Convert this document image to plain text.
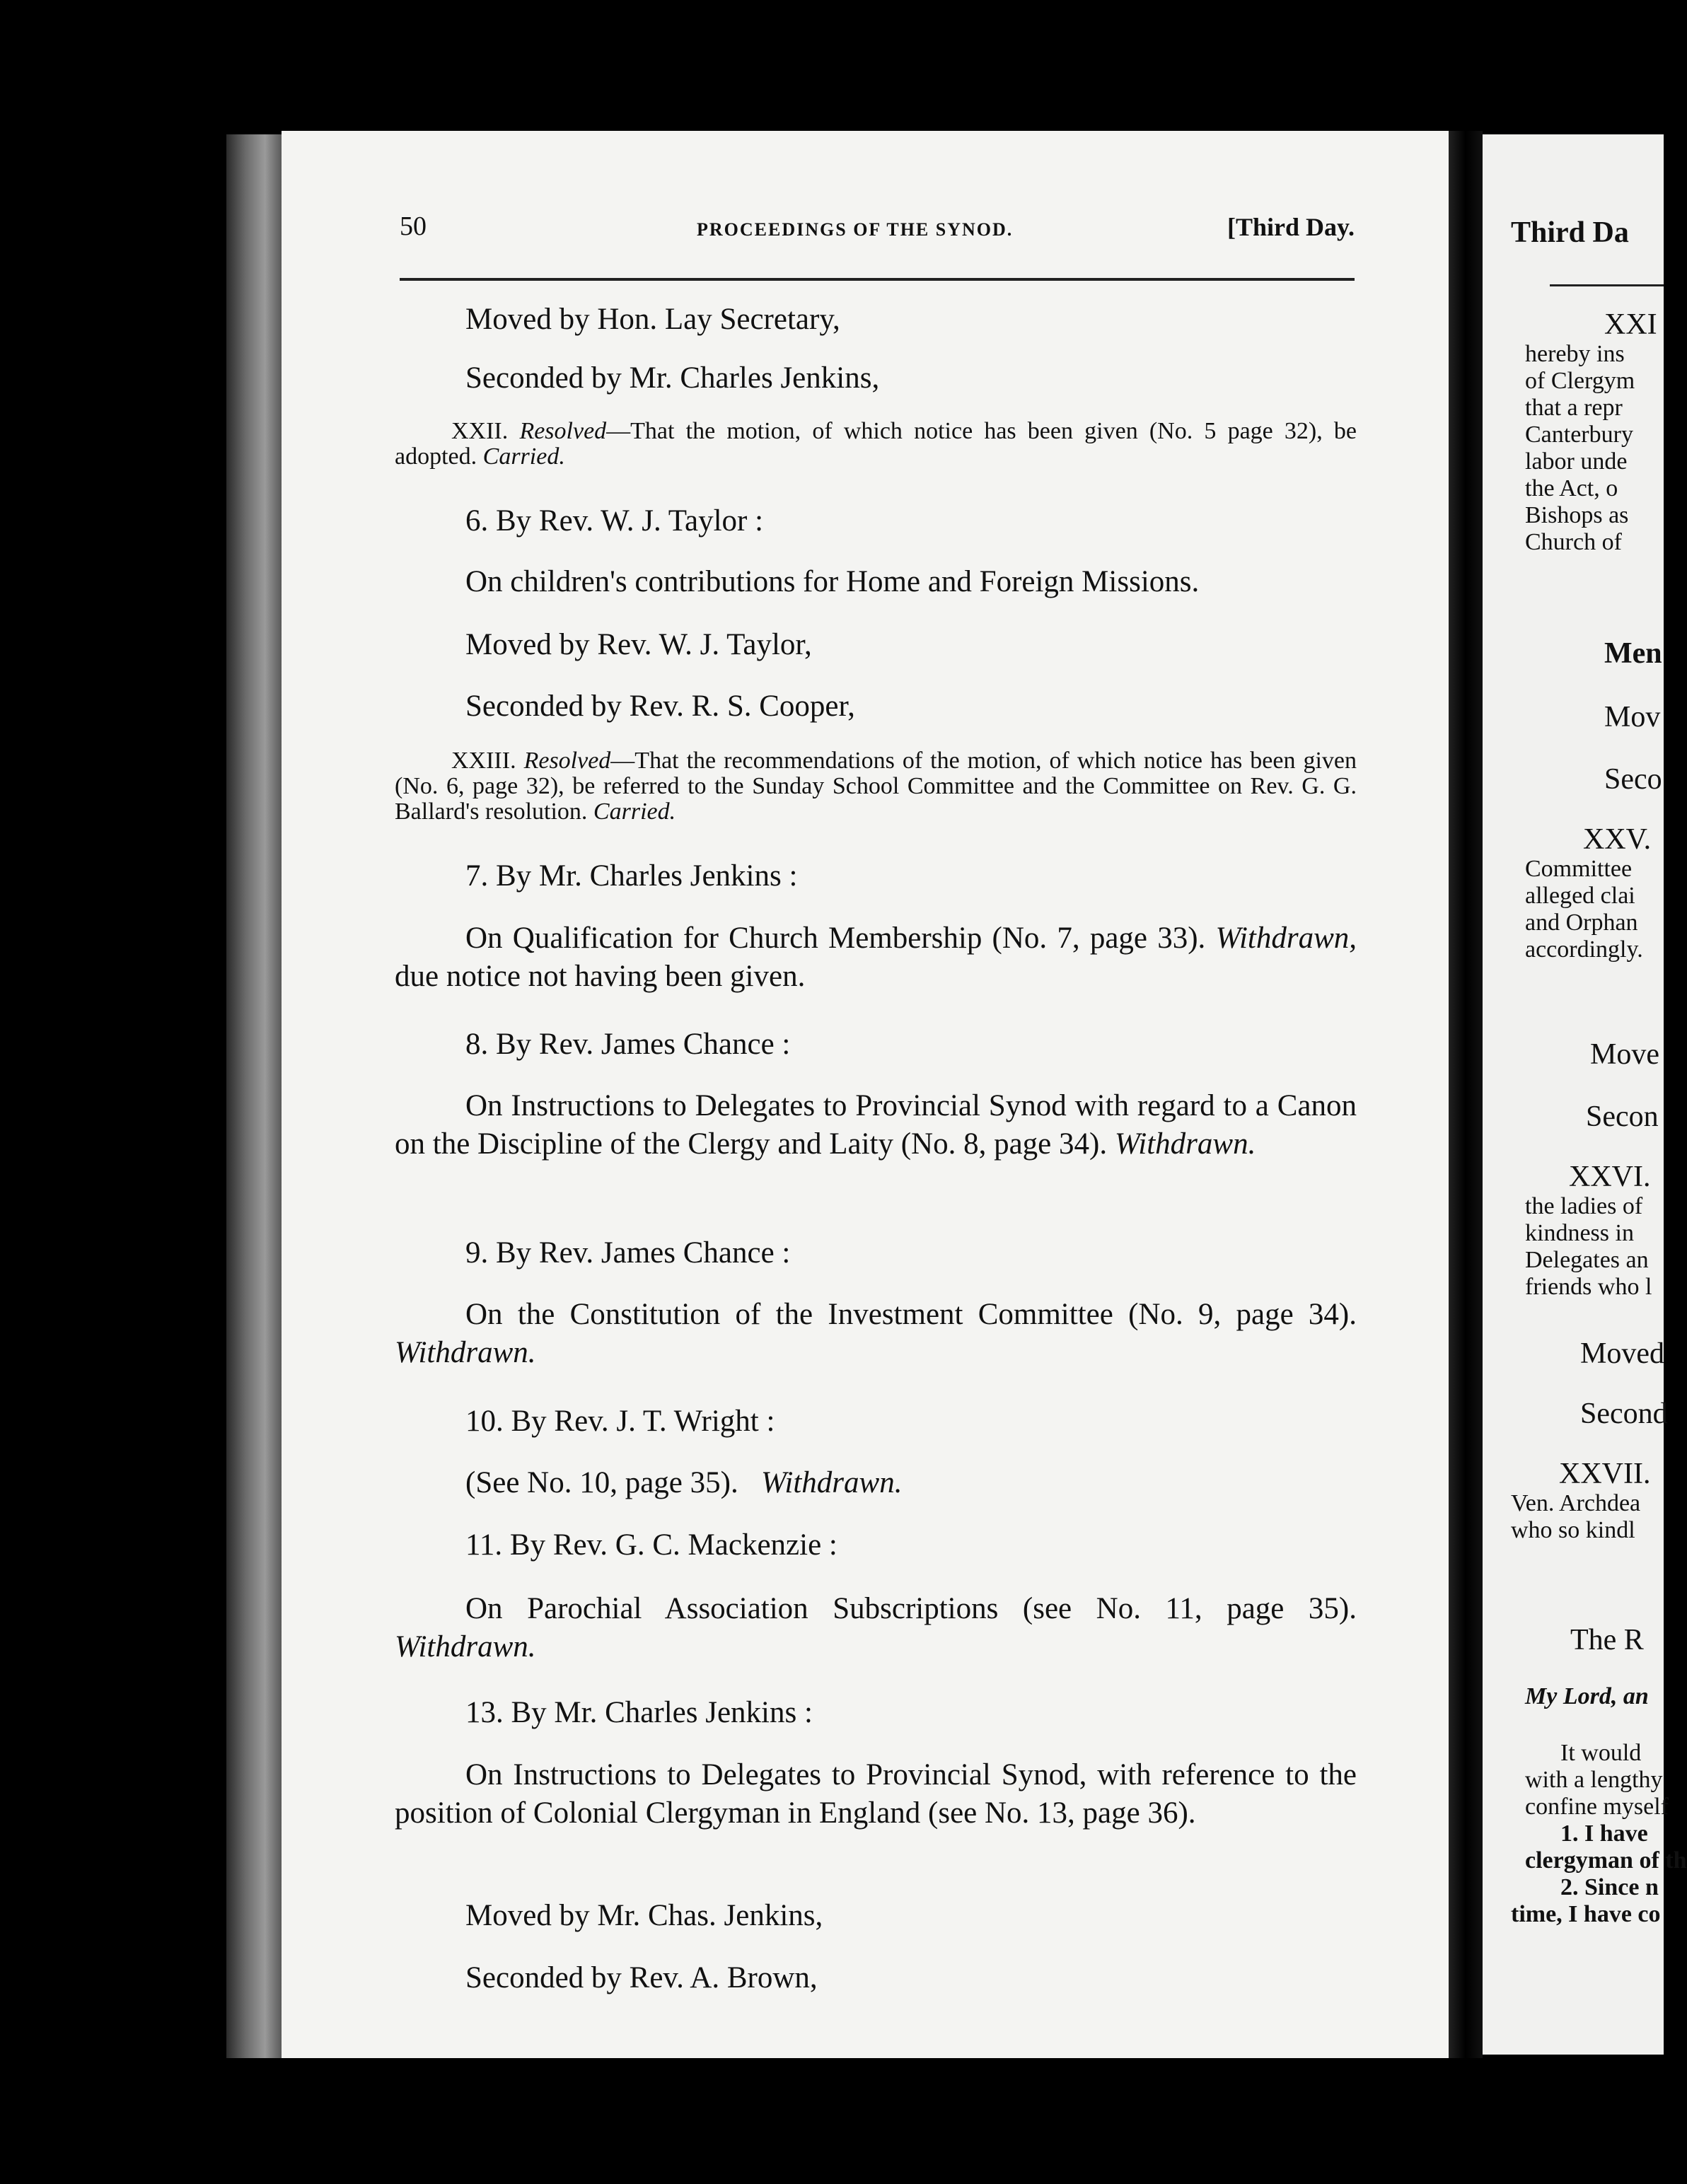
50	PROCEEDINGS OF THE SYNOD.	[Third Day.
Moved by Hon. Lay Secretary,
Seconded by Mr. Charles Jenkins,
XXII. Resolved—That the motion, of which notice has been given (No. 5 page 32), be adopted. Carried.
6. By Rev. W. J. Taylor :
On children's contributions for Home and Foreign Missions.
Moved by Rev. W. J. Taylor,
Seconded by Rev. R. S. Cooper,
XXIII. Resolved—That the recommendations of the motion, of which notice has been given (No. 6, page 32), be referred to the Sunday School Committee and the Committee on Rev. G. G. Ballard's resolution. Carried.
7. By Mr. Charles Jenkins :
On Qualification for Church Membership (No. 7, page 33). Withdrawn, due notice not having been given.
8. By Rev. James Chance :
On Instructions to Delegates to Provincial Synod with regard to a Canon on the Discipline of the Clergy and Laity (No. 8, page 34). Withdrawn.
9. By Rev. James Chance :
On the Constitution of the Investment Committee (No. 9, page 34). Withdrawn.
10. By Rev. J. T. Wright :
(See No. 10, page 35). Withdrawn.
11. By Rev. G. C. Mackenzie :
On Parochial Association Subscriptions (see No. 11, page 35). Withdrawn.
13. By Mr. Charles Jenkins :
On Instructions to Delegates to Provincial Synod, with reference to the position of Colonial Clergyman in England (see No. 13, page 36).
Moved by Mr. Chas. Jenkins,
Seconded by Rev. A. Brown,
Third Da
XXI
hereby ins
of Clergym
that a repr
Canterbury
labor unde
the Act, o
Bishops as
Church of
Men
Mov
Seco
XXV.
Committee
alleged clai
and Orphan
accordingly.
Move
Secon
XXVI.
the ladies of
kindness in
Delegates an
friends who l
Moved
Second
XXVII.
Ven. Archdea
who so kindl
The R
My Lord, an
It would
with a lengthy
confine myself
1. I have
clergyman of th
2. Since n
time, I have co
